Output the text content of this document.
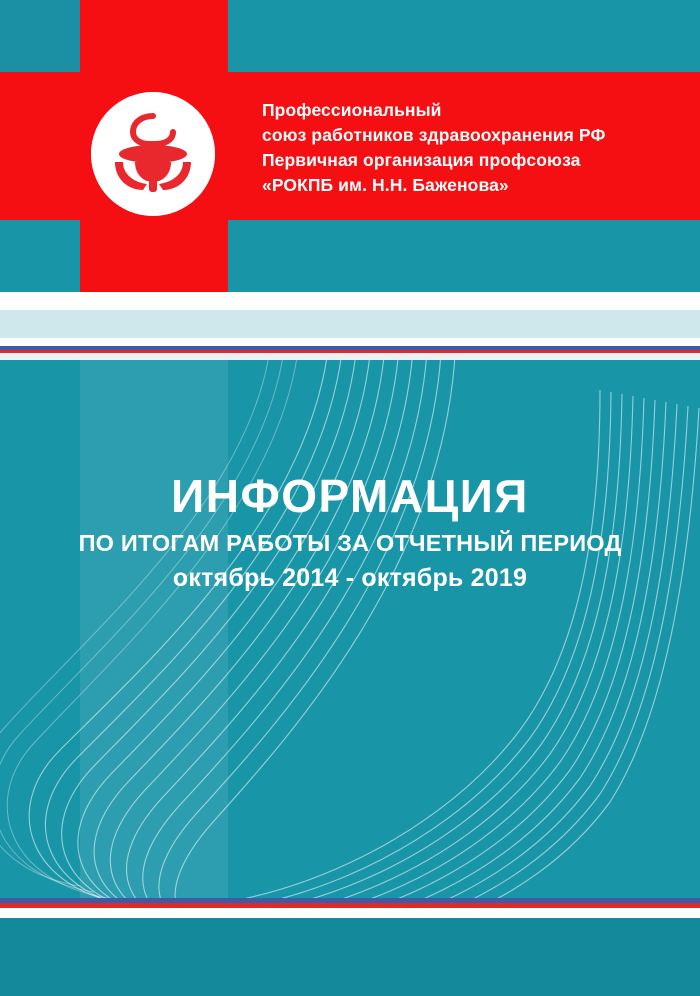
Профессиональный
союз работников здравоохранения РФ
Первичная организация профсоюза
«РОКПБ им. Н.Н. Баженова»
ИНФОРМАЦИЯ
ПО ИТОГАМ РАБОТЫ ЗА ОТЧЕТНЫЙ ПЕРИОД
октябрь 2014 - октябрь 2019
